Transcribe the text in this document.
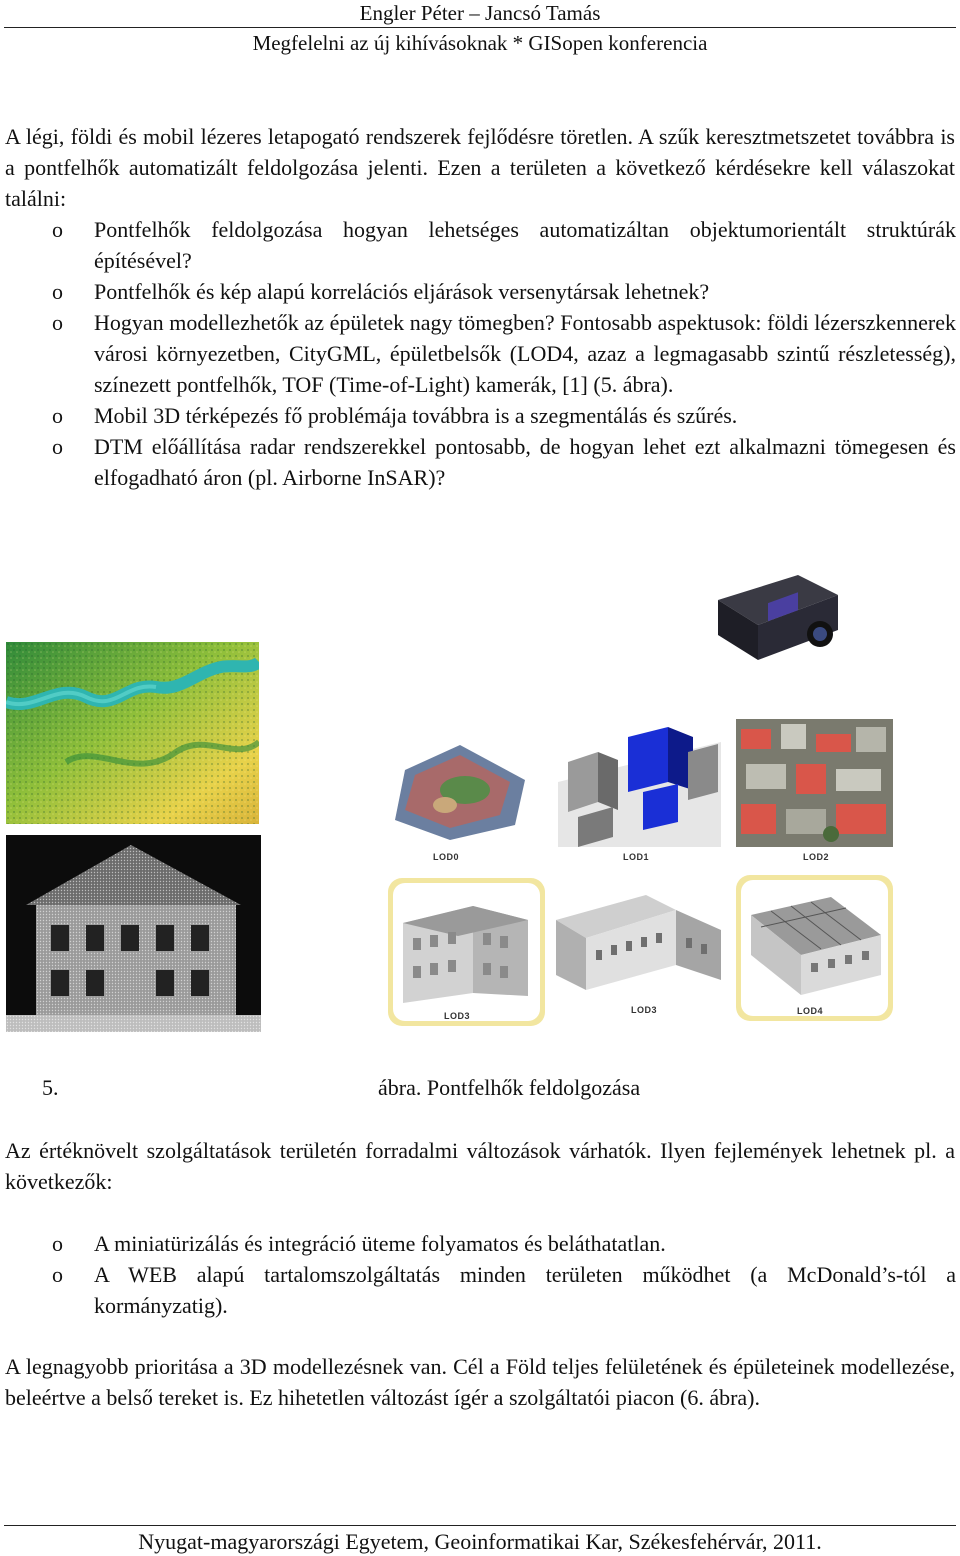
Engler Péter – Jancsó Tamás
Megfelelni az új kihívásoknak * GISopen konferencia
A légi, földi és mobil lézeres letapogató rendszerek fejlődésre töretlen. A szűk keresztmetszetet továbbra is a pontfelhők automatizált feldolgozása jelenti. Ezen a területen a következő kérdésekre kell válaszokat találni:
o Pontfelhők feldolgozása hogyan lehetséges automatizáltan objektumorientált struktúrák építésével?
o Pontfelhők és kép alapú korrelációs eljárások versenytársak lehetnek?
o Hogyan modellezhetők az épületek nagy tömegben? Fontosabb aspektusok: földi lézerszkennerek városi környezetben, CityGML, épületbelsők (LOD4, azaz a legmagasabb szintű részletesség), színezett pontfelhők, TOF (Time-of-Light) kamerák, [1] (5. ábra).
o Mobil 3D térképezés fő problémája továbbra is a szegmentálás és szűrés.
o DTM előállítása radar rendszerekkel pontosabb, de hogyan lehet ezt alkalmazni tömegesen és elfogadható áron (pl. Airborne InSAR)?
LOD0	LOD1	LOD2
LOD3
LOD3	LOD4
5.	ábra. Pontfelhők feldolgozása
Az értéknövelt szolgáltatások területén forradalmi változások várhatók. Ilyen fejlemények lehetnek pl. a következők:
o A miniatürizálás és integráció üteme folyamatos és beláthatatlan.
o A WEB alapú tartalomszolgáltatás minden területen működhet (a McDonald’s-tól a kormányzatig).
A legnagyobb prioritása a 3D modellezésnek van. Cél a Föld teljes felületének és épületeinek modellezése, beleértve a belső tereket is. Ez hihetetlen változást ígér a szolgáltatói piacon (6. ábra).
Nyugat-magyarországi Egyetem, Geoinformatikai Kar, Székesfehérvár, 2011.
